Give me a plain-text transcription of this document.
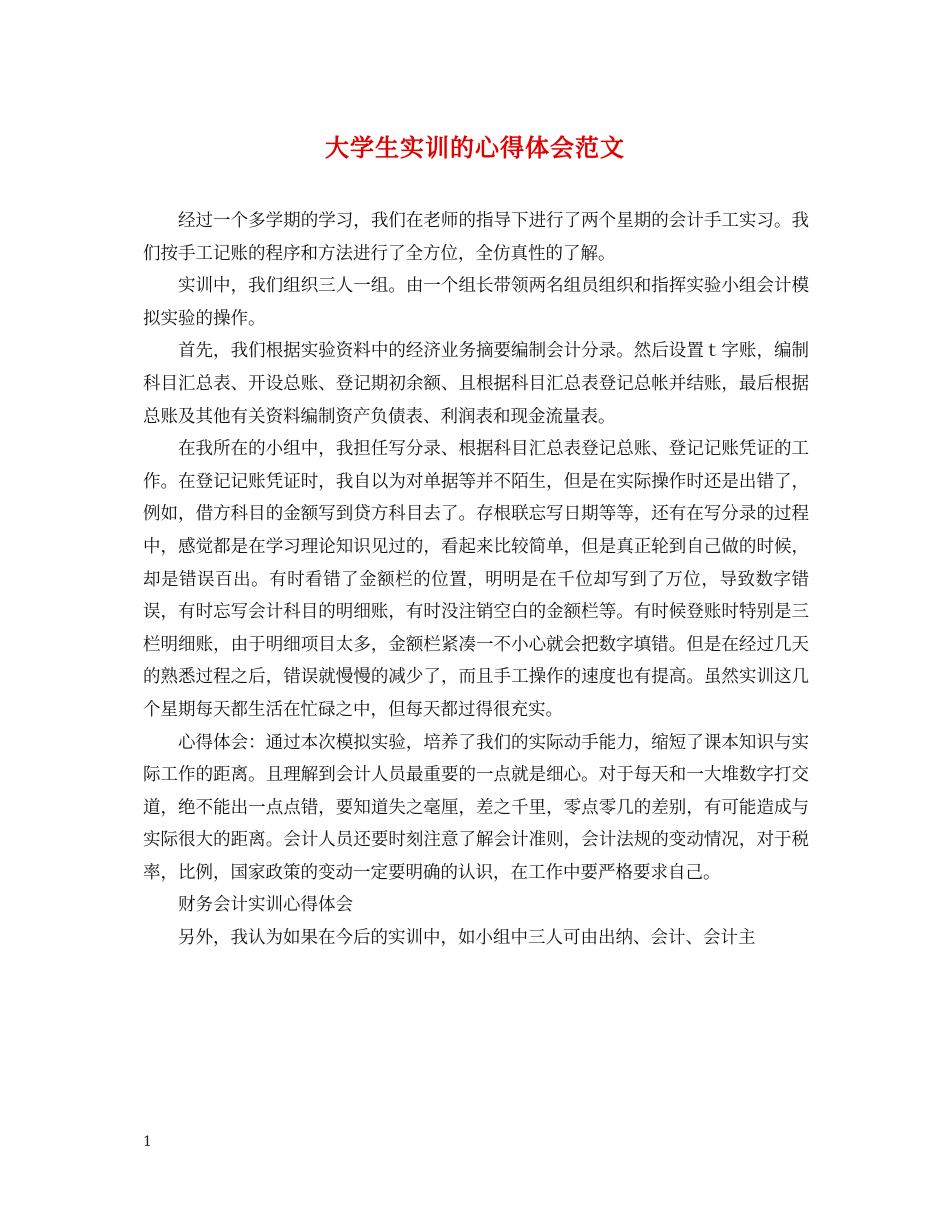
大学生实训的心得体会范文

经过一个多学期的学习，我们在老师的指导下进行了两个星期的会计手工实习。我们按手工记账的程序和方法进行了全方位，全仿真性的了解。

实训中，我们组织三人一组。由一个组长带领两名组员组织和指挥实验小组会计模拟实验的操作。

首先，我们根据实验资料中的经济业务摘要编制会计分录。然后设置ｔ字账，编制科目汇总表、开设总账、登记期初余额、且根据科目汇总表登记总帐并结账，最后根据总账及其他有关资料编制资产负债表、利润表和现金流量表。

在我所在的小组中，我担任写分录、根据科目汇总表登记总账、登记记账凭证的工作。在登记记账凭证时，我自以为对单据等并不陌生，但是在实际操作时还是出错了，例如，借方科目的金额写到贷方科目去了。存根联忘写日期等等，还有在写分录的过程中，感觉都是在学习理论知识见过的，看起来比较简单，但是真正轮到自己做的时候，却是错误百出。有时看错了金额栏的位置，明明是在千位却写到了万位，导致数字错误，有时忘写会计科目的明细账，有时没注销空白的金额栏等。有时候登账时特别是三栏明细账，由于明细项目太多，金额栏紧凑一不小心就会把数字填错。但是在经过几天的熟悉过程之后，错误就慢慢的减少了，而且手工操作的速度也有提高。虽然实训这几个星期每天都生活在忙碌之中，但每天都过得很充实。

心得体会：通过本次模拟实验，培养了我们的实际动手能力，缩短了课本知识与实际工作的距离。且理解到会计人员最重要的一点就是细心。对于每天和一大堆数字打交道，绝不能出一点点错，要知道失之毫厘，差之千里，零点零几的差别，有可能造成与实际很大的距离。会计人员还要时刻注意了解会计准则，会计法规的变动情况，对于税率，比例，国家政策的变动一定要明确的认识，在工作中要严格要求自己。

财务会计实训心得体会

另外，我认为如果在今后的实训中，如小组中三人可由出纳、会计、会计主

1
